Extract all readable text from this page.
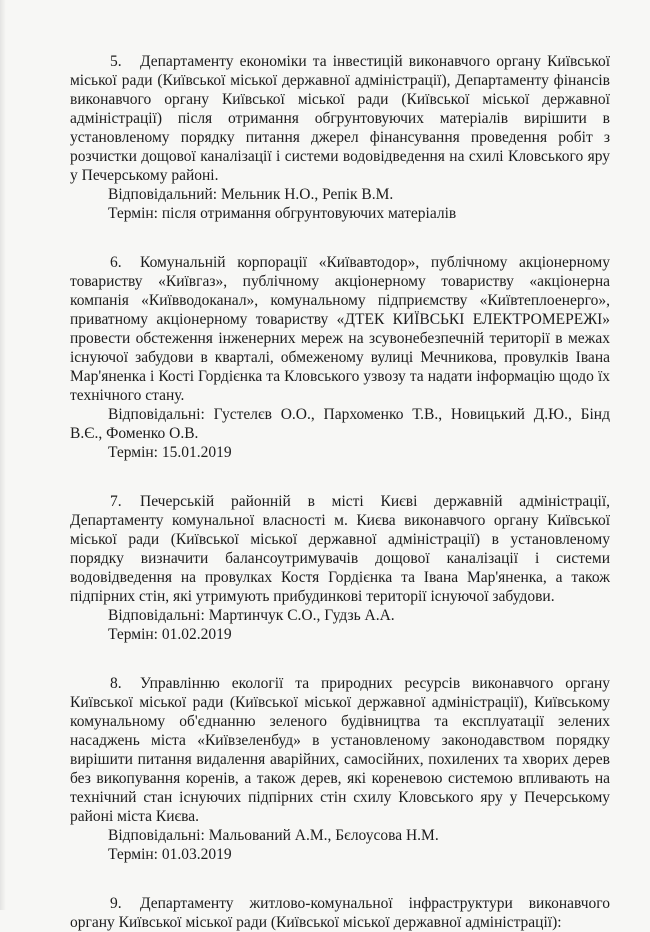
5. Департаменту економіки та інвестицій виконавчого органу Київської міської ради (Київської міської державної адміністрації), Департаменту фінансів виконавчого органу Київської міської ради (Київської міської державної адміністрації) після отримання обгрунтовуючих матеріалів вирішити в установленому порядку питання джерел фінансування проведення робіт з розчистки дощової каналізації і системи водовідведення на схилі Кловського яру у Печерському районі.

Відповідальний: Мельник Н.О., Репік В.М.

Термін: після отримання обгрунтовуючих матеріалів

6. Комунальній корпорації «Київавтодор», публічному акціонерному товариству «Київгаз», публічному акціонерному товариству «акціонерна компанія «Київводоканал», комунальному підприємству «Київтеплоенерго», приватному акціонерному товариству «ДТЕК КИЇВСЬКІ ЕЛЕКТРОМЕРЕЖІ» провести обстеження інженерних мереж на зсувонебезпечній території в межах існуючої забудови в кварталі, обмеженому вулиці Мечникова, провулків Івана Мар'яненка і Кості Гордієнка та Кловського узвозу та надати інформацію щодо їх технічного стану.

Відповідальні: Густелєв О.О., Пархоменко Т.В., Новицький Д.Ю., Бінд В.Є., Фоменко О.В.

Термін: 15.01.2019

7. Печерській районній в місті Києві державній адміністрації, Департаменту комунальної власності м. Києва виконавчого органу Київської міської ради (Київської міської державної адміністрації) в установленому порядку визначити балансоутримувачів дощової каналізації і системи водовідведення на провулках Костя Гордієнка та Івана Мар'яненка, а також підпірних стін, які утримують прибудинкові території існуючої забудови.

Відповідальні: Мартинчук С.О., Гудзь А.А.

Термін: 01.02.2019

8. Управлінню екології та природних ресурсів виконавчого органу Київської міської ради (Київської міської державної адміністрації), Київському комунальному об'єднанню зеленого будівництва та експлуатації зелених насаджень міста «Київзеленбуд» в установленому законодавством порядку вирішити питання видалення аварійних, самосійних, похилених та хворих дерев без викопування коренів, а також дерев, які кореневою системою впливають на технічний стан існуючих підпірних стін схилу Кловського яру у Печерському районі міста Києва.

Відповідальні: Мальований А.М., Бєлоусова Н.М.

Термін: 01.03.2019

9. Департаменту житлово-комунальної інфраструктури виконавчого органу Київської міської ради (Київської міської державної адміністрації):
